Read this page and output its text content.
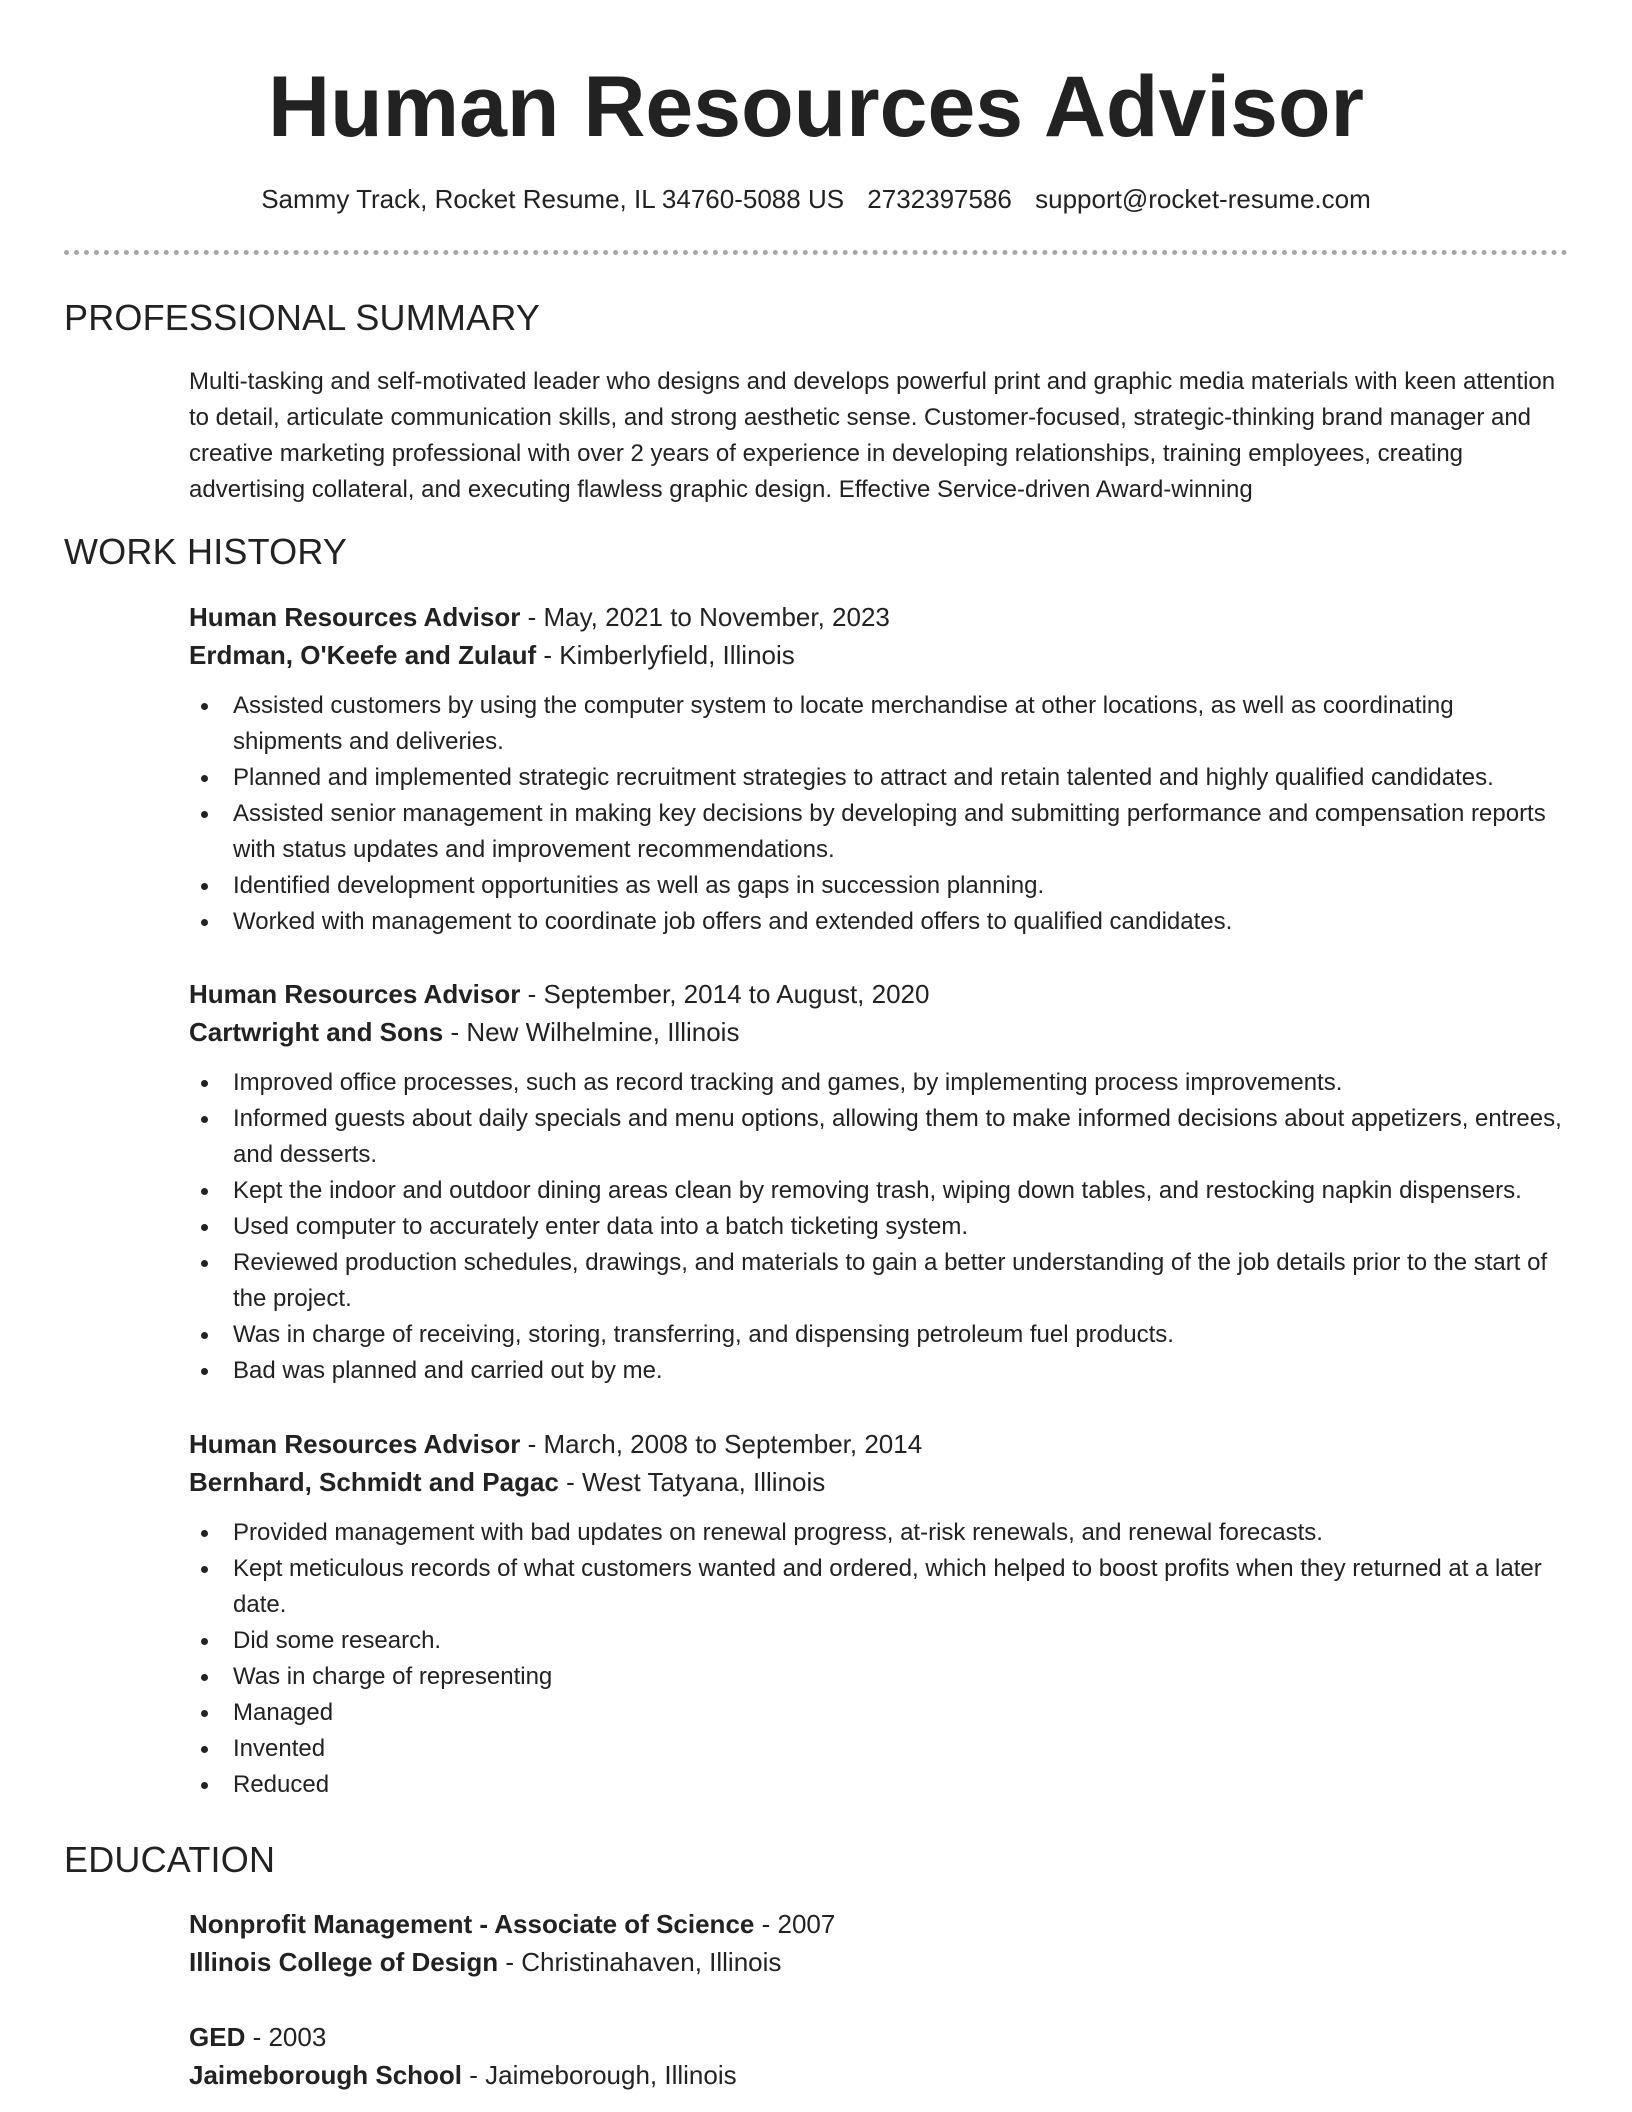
Human Resources Advisor
Sammy Track, Rocket Resume, IL 34760-5088 US 2732397586 support@rocket-resume.com
PROFESSIONAL SUMMARY
Multi-tasking and self-motivated leader who designs and develops powerful print and graphic media materials with keen attention to detail, articulate communication skills, and strong aesthetic sense. Customer-focused, strategic-thinking brand manager and creative marketing professional with over 2 years of experience in developing relationships, training employees, creating advertising collateral, and executing flawless graphic design. Effective Service-driven Award-winning
WORK HISTORY
Human Resources Advisor - May, 2021 to November, 2023
Erdman, O'Keefe and Zulauf - Kimberlyfield, Illinois
Assisted customers by using the computer system to locate merchandise at other locations, as well as coordinating shipments and deliveries.
Planned and implemented strategic recruitment strategies to attract and retain talented and highly qualified candidates.
Assisted senior management in making key decisions by developing and submitting performance and compensation reports with status updates and improvement recommendations.
Identified development opportunities as well as gaps in succession planning.
Worked with management to coordinate job offers and extended offers to qualified candidates.
Human Resources Advisor - September, 2014 to August, 2020
Cartwright and Sons - New Wilhelmine, Illinois
Improved office processes, such as record tracking and games, by implementing process improvements.
Informed guests about daily specials and menu options, allowing them to make informed decisions about appetizers, entrees, and desserts.
Kept the indoor and outdoor dining areas clean by removing trash, wiping down tables, and restocking napkin dispensers.
Used computer to accurately enter data into a batch ticketing system.
Reviewed production schedules, drawings, and materials to gain a better understanding of the job details prior to the start of the project.
Was in charge of receiving, storing, transferring, and dispensing petroleum fuel products.
Bad was planned and carried out by me.
Human Resources Advisor - March, 2008 to September, 2014
Bernhard, Schmidt and Pagac - West Tatyana, Illinois
Provided management with bad updates on renewal progress, at-risk renewals, and renewal forecasts.
Kept meticulous records of what customers wanted and ordered, which helped to boost profits when they returned at a later date.
Did some research.
Was in charge of representing
Managed
Invented
Reduced
EDUCATION
Nonprofit Management - Associate of Science - 2007
Illinois College of Design - Christinahaven, Illinois
GED - 2003
Jaimeborough School - Jaimeborough, Illinois
